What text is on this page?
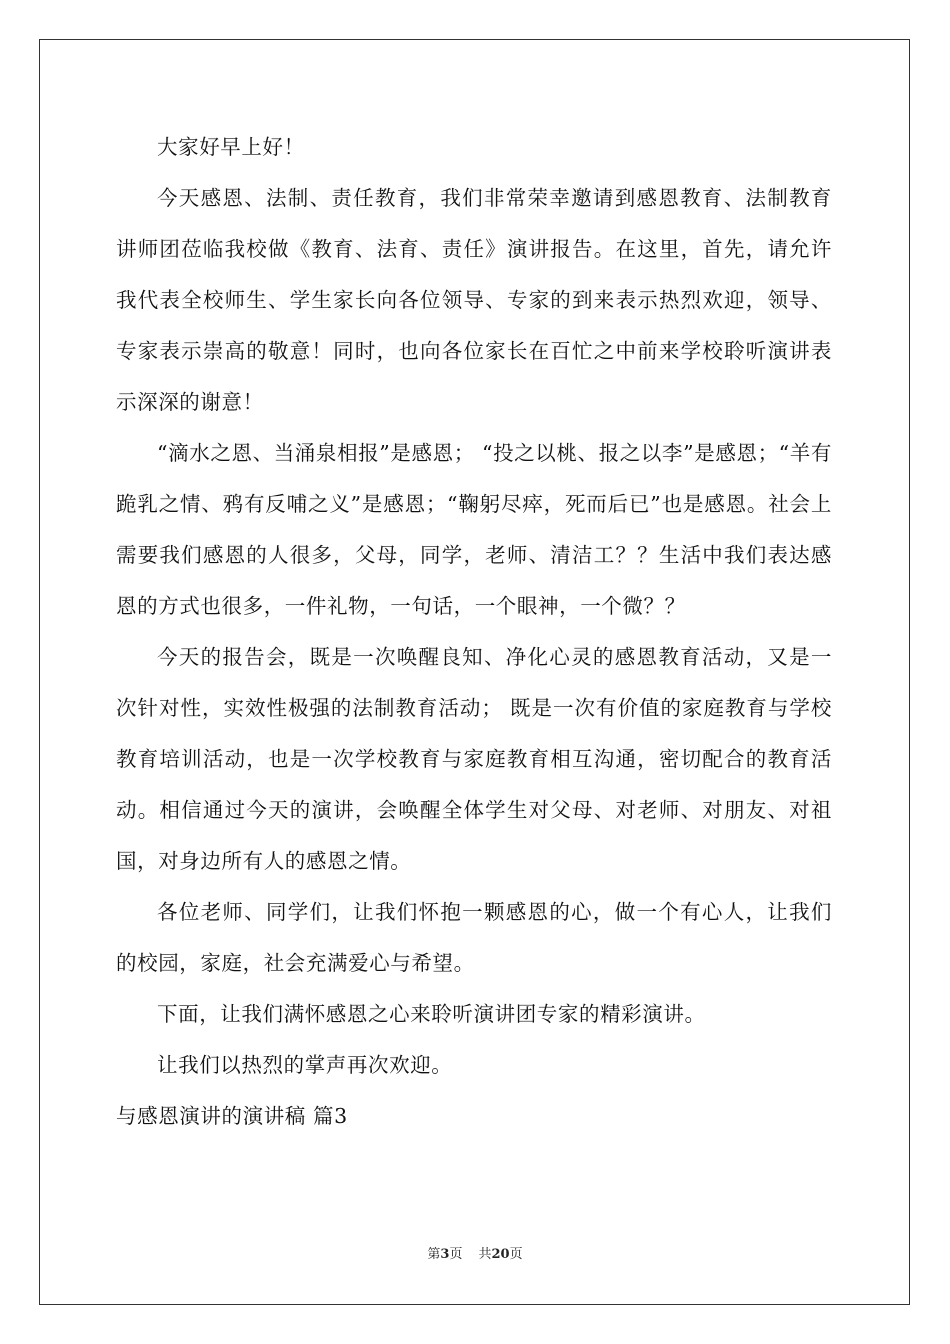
大家好早上好！

今天感恩、法制、责任教育，我们非常荣幸邀请到感恩教育、法制教育讲师团莅临我校做《教育、法育、责任》演讲报告。在这里，首先，请允许我代表全校师生、学生家长向各位领导、专家的到来表示热烈欢迎，领导、专家表示崇高的敬意！同时，也向各位家长在百忙之中前来学校聆听演讲表示深深的谢意！

“滴水之恩、当涌泉相报”是感恩； “投之以桃、报之以李”是感恩；“羊有跪乳之情、鸦有反哺之义”是感恩；“鞠躬尽瘁，死而后已”也是感恩。社会上需要我们感恩的人很多，父母，同学，老师、清洁工？？生活中我们表达感恩的方式也很多，一件礼物，一句话，一个眼神，一个微？？

今天的报告会，既是一次唤醒良知、净化心灵的感恩教育活动，又是一次针对性，实效性极强的法制教育活动； 既是一次有价值的家庭教育与学校教育培训活动，也是一次学校教育与家庭教育相互沟通，密切配合的教育活动。相信通过今天的演讲，会唤醒全体学生对父母、对老师、对朋友、对祖国，对身边所有人的感恩之情。

各位老师、同学们，让我们怀抱一颗感恩的心，做一个有心人，让我们的校园，家庭，社会充满爱心与希望。

下面，让我们满怀感恩之心来聆听演讲团专家的精彩演讲。

让我们以热烈的掌声再次欢迎。

与感恩演讲的演讲稿 篇3

第3页 共20页
